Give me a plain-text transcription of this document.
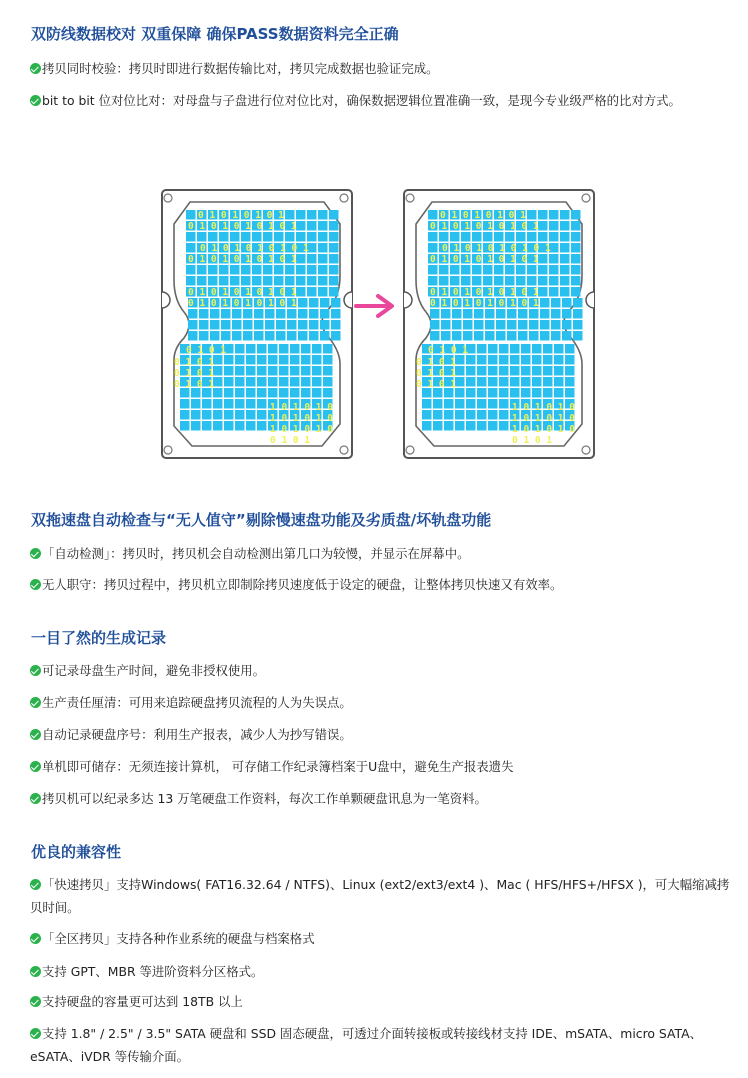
双防线数据校对 双重保障 确保PASS数据资料完全正确

拷贝同时校验：拷贝时即进行数据传输比对，拷贝完成数据也验证完成。

bit to bit 位对位比对：对母盘与子盘进行位对位比对，确保数据逻辑位置准确一致，是现今专业级严格的比对方式。

0 1 0 1 0 1 0 1
0 1 0 1 0 1 0 1 0 1
0 1 0 1 0 1 0 1 0 1
0 1 0 1 0 1 0 1 0 1
0 1 0 1 0 1 0 1 0 1
0 1 0 1 0 1 0 1 0 1
0 1 0 1
0 1 0 1
0 1 0 1
0 1 0 1
1 0 1 0 1 0
1 0 1 0 1 0
1 0 1 0 1 0
0 1 0 1
0 1 0 1 0 1 0 1
0 1 0 1 0 1 0 1 0 1
0 1 0 1 0 1 0 1 0 1
0 1 0 1 0 1 0 1 0 1
0 1 0 1 0 1 0 1 0 1
0 1 0 1 0 1 0 1 0 1
0 1 0 1
0 1 0 1
0 1 0 1
0 1 0 1
1 0 1 0 1 0
1 0 1 0 1 0
1 0 1 0 1 0
0 1 0 1
双拖速盘自动检查与“无人值守”剔除慢速盘功能及劣质盘/坏轨盘功能

「自动检测」：拷贝时，拷贝机会自动检测出第几口为较慢，并显示在屏幕中。

无人职守：拷贝过程中，拷贝机立即制除拷贝速度低于设定的硬盘，让整体拷贝快速又有效率。

一目了然的生成记录

可记录母盘生产时间，避免非授权使用。

生产责任厘清：可用来追踪硬盘拷贝流程的人为失误点。

自动记录硬盘序号：利用生产报表，减少人为抄写错误。

单机即可储存：无须连接计算机， 可存储工作纪录簿档案于U盘中，避免生产报表遗失

拷贝机可以纪录多达 13 万笔硬盘工作资料，每次工作单颗硬盘讯息为一笔资料。

优良的兼容性

「快速拷贝」支持Windows( FAT16.32.64 / NTFS)、Linux (ext2/ext3/ext4 )、Mac ( HFS/HFS+/HFSX )，可大幅缩减拷贝时间。

「全区拷贝」支持各种作业系统的硬盘与档案格式

支持 GPT、MBR 等进阶资料分区格式。

支持硬盘的容量更可达到 18TB 以上

支持 1.8" / 2.5" / 3.5" SATA 硬盘和 SSD 固态硬盘，可透过介面转接板或转接线材支持 IDE、mSATA、micro SATA、eSATA、iVDR 等传输介面。
